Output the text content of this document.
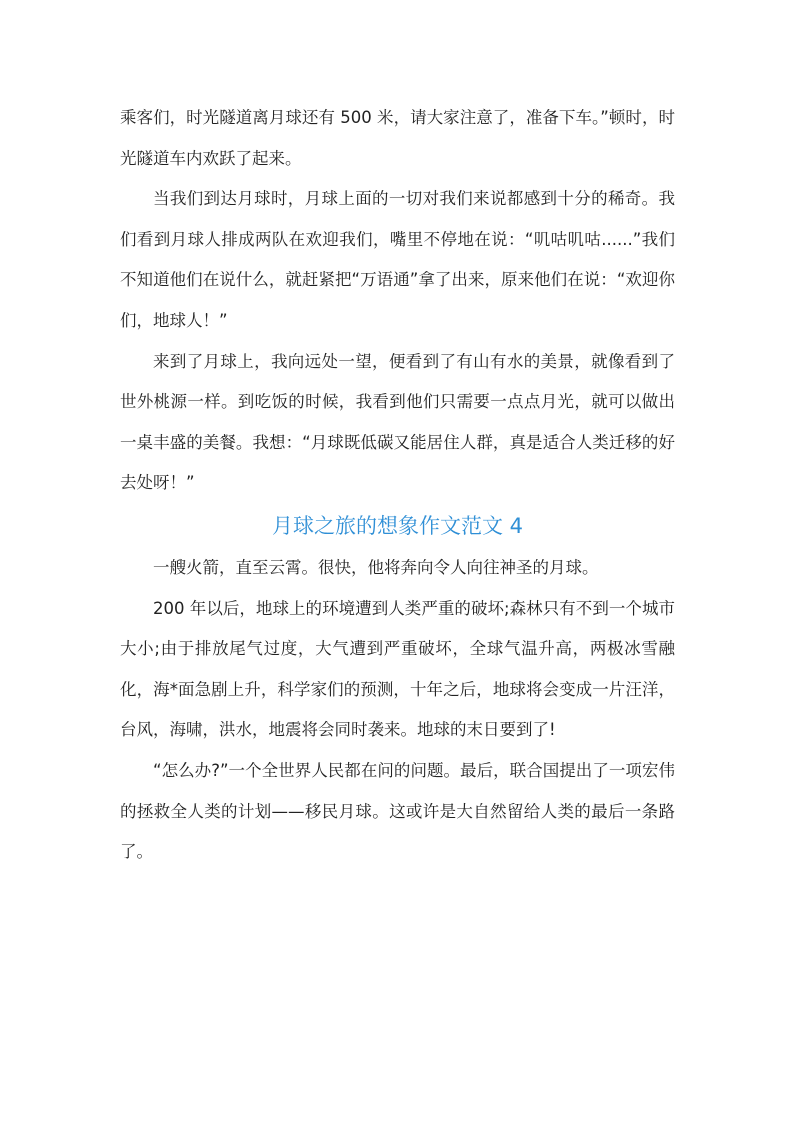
乘客们，时光隧道离月球还有 500 米，请大家注意了，准备下车。”顿时，时光隧道车内欢跃了起来。

当我们到达月球时，月球上面的一切对我们来说都感到十分的稀奇。我们看到月球人排成两队在欢迎我们，嘴里不停地在说：“叽咕叽咕......”我们不知道他们在说什么，就赶紧把“万语通”拿了出来，原来他们在说：“欢迎你们，地球人！”

来到了月球上，我向远处一望，便看到了有山有水的美景，就像看到了世外桃源一样。到吃饭的时候，我看到他们只需要一点点月光，就可以做出一桌丰盛的美餐。我想：“月球既低碳又能居住人群，真是适合人类迁移的好去处呀！”

月球之旅的想象作文范文 4

一艘火箭，直至云霄。很快，他将奔向令人向往神圣的月球。

200 年以后，地球上的环境遭到人类严重的破坏;森林只有不到一个城市大小;由于排放尾气过度，大气遭到严重破坏，全球气温升高，两极冰雪融化，海*面急剧上升，科学家们的预测，十年之后，地球将会变成一片汪洋，台风，海啸，洪水，地震将会同时袭来。地球的末日要到了!

“怎么办?”一个全世界人民都在问的问题。最后，联合国提出了一项宏伟的拯救全人类的计划——移民月球。这或许是大自然留给人类的最后一条路了。
